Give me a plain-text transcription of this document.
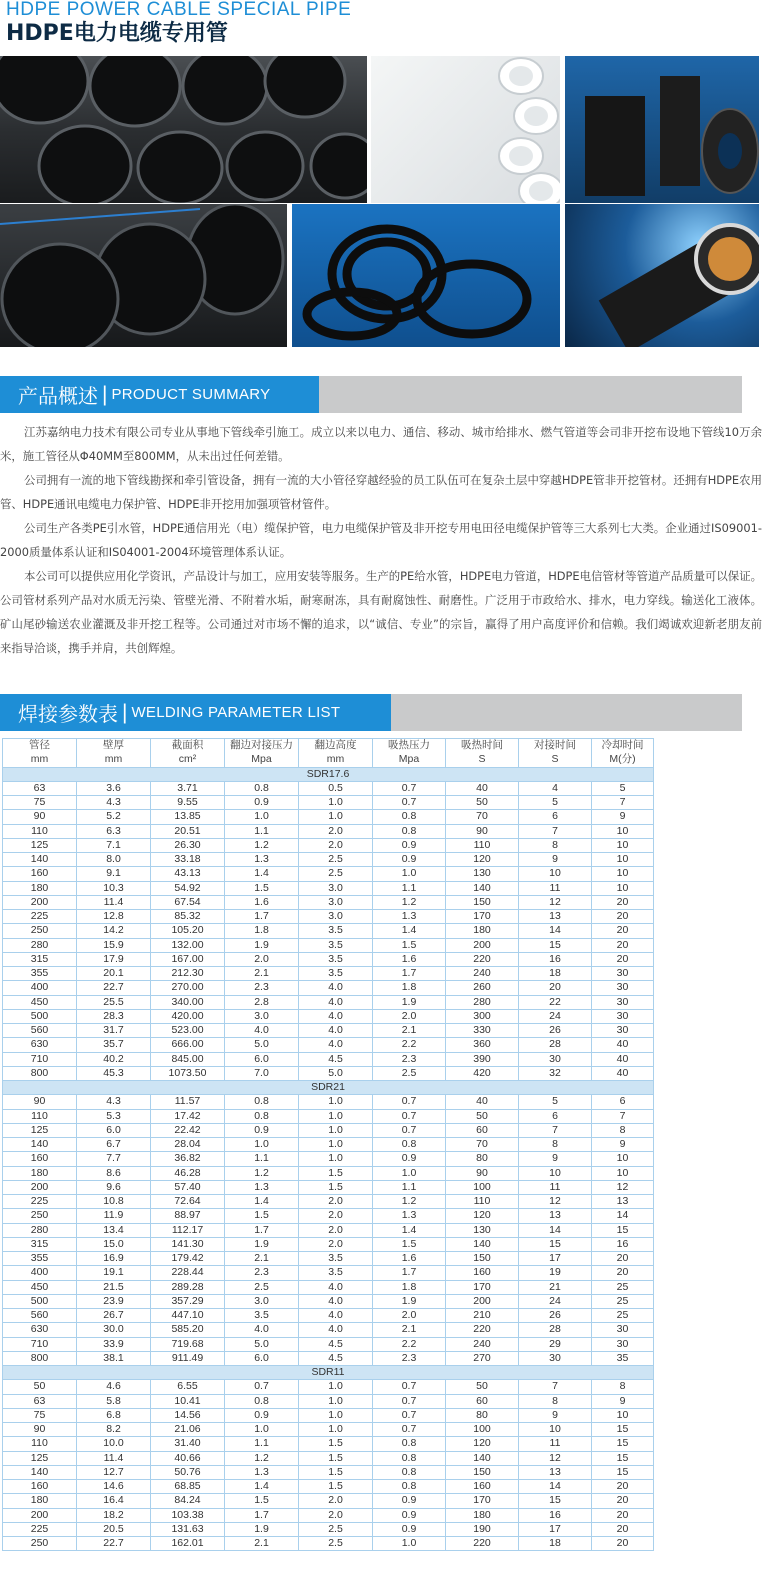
HDPE POWER CABLE SPECIAL PIPE
HDPE电力电缆专用管
产品概述 | PRODUCT SUMMARY

江苏嘉纳电力技术有限公司专业从事地下管线牵引施工。成立以来以电力、通信、移动、城市给排水、燃气管道等会司非开挖布设地下管线10万余米，施工管径从Φ40MM至800MM，从未出过任何差错。

公司拥有一流的地下管线勘探和牵引管设备，拥有一流的大小管径穿越经验的员工队伍可在复杂土层中穿越HDPE管非开挖管材。还拥有HDPE农用管、HDPE通讯电缆电力保护管、HDPE非开挖用加强项管材管件。

公司生产各类PE引水管，HDPE通信用光（电）缆保护管，电力电缆保护管及非开挖专用电田径电缆保护管等三大系列七大类。企业通过IS09001-2000质量体系认证和IS04001-2004环境管理体系认证。

本公司可以提供应用化学资讯，产品设计与加工，应用安装等服务。生产的PE给水管，HDPE电力管道，HDPE电信管材等管道产品质量可以保证。公司管材系列产品对水质无污染、管壁光滑、不附着水垢，耐寒耐冻，具有耐腐蚀性、耐磨性。广泛用于市政给水、排水，电力穿线。输送化工液体。矿山尾砂输送农业灌溉及非开挖工程等。公司通过对市场不懈的追求，以“诚信、专业”的宗旨，赢得了用户高度评价和信赖。我们竭诚欢迎新老朋友前来指导洽谈，携手并肩，共创辉煌。

焊接参数表 | WELDING PARAMETER LIST
管径	壁厚	截面积	翻边对接压力	翻边高度	吸热压力	吸热时间	对接时间	冷却时间
mm	mm	cm²	Mpa	mm	Mpa	S	S	M(分)
SDR17.6								
63	3.6	3.71	0.8	0.5	0.7	40	4	5
75	4.3	9.55	0.9	1.0	0.7	50	5	7
90	5.2	13.85	1.0	1.0	0.8	70	6	9
110	6.3	20.51	1.1	2.0	0.8	90	7	10
125	7.1	26.30	1.2	2.0	0.9	110	8	10
140	8.0	33.18	1.3	2.5	0.9	120	9	10
160	9.1	43.13	1.4	2.5	1.0	130	10	10
180	10.3	54.92	1.5	3.0	1.1	140	11	10
200	11.4	67.54	1.6	3.0	1.2	150	12	20
225	12.8	85.32	1.7	3.0	1.3	170	13	20
250	14.2	105.20	1.8	3.5	1.4	180	14	20
280	15.9	132.00	1.9	3.5	1.5	200	15	20
315	17.9	167.00	2.0	3.5	1.6	220	16	20
355	20.1	212.30	2.1	3.5	1.7	240	18	30
400	22.7	270.00	2.3	4.0	1.8	260	20	30
450	25.5	340.00	2.8	4.0	1.9	280	22	30
500	28.3	420.00	3.0	4.0	2.0	300	24	30
560	31.7	523.00	4.0	4.0	2.1	330	26	30
630	35.7	666.00	5.0	4.0	2.2	360	28	40
710	40.2	845.00	6.0	4.5	2.3	390	30	40
800	45.3	1073.50	7.0	5.0	2.5	420	32	40
SDR21								
90	4.3	11.57	0.8	1.0	0.7	40	5	6
110	5.3	17.42	0.8	1.0	0.7	50	6	7
125	6.0	22.42	0.9	1.0	0.7	60	7	8
140	6.7	28.04	1.0	1.0	0.8	70	8	9
160	7.7	36.82	1.1	1.0	0.9	80	9	10
180	8.6	46.28	1.2	1.5	1.0	90	10	10
200	9.6	57.40	1.3	1.5	1.1	100	11	12
225	10.8	72.64	1.4	2.0	1.2	110	12	13
250	11.9	88.97	1.5	2.0	1.3	120	13	14
280	13.4	112.17	1.7	2.0	1.4	130	14	15
315	15.0	141.30	1.9	2.0	1.5	140	15	16
355	16.9	179.42	2.1	3.5	1.6	150	17	20
400	19.1	228.44	2.3	3.5	1.7	160	19	20
450	21.5	289.28	2.5	4.0	1.8	170	21	25
500	23.9	357.29	3.0	4.0	1.9	200	24	25
560	26.7	447.10	3.5	4.0	2.0	210	26	25
630	30.0	585.20	4.0	4.0	2.1	220	28	30
710	33.9	719.68	5.0	4.5	2.2	240	29	30
800	38.1	911.49	6.0	4.5	2.3	270	30	35
SDR11								
50	4.6	6.55	0.7	1.0	0.7	50	7	8
63	5.8	10.41	0.8	1.0	0.7	60	8	9
75	6.8	14.56	0.9	1.0	0.7	80	9	10
90	8.2	21.06	1.0	1.0	0.7	100	10	15
110	10.0	31.40	1.1	1.5	0.8	120	11	15
125	11.4	40.66	1.2	1.5	0.8	140	12	15
140	12.7	50.76	1.3	1.5	0.8	150	13	15
160	14.6	68.85	1.4	1.5	0.8	160	14	20
180	16.4	84.24	1.5	2.0	0.9	170	15	20
200	18.2	103.38	1.7	2.0	0.9	180	16	20
225	20.5	131.63	1.9	2.5	0.9	190	17	20
250	22.7	162.01	2.1	2.5	1.0	220	18	20
